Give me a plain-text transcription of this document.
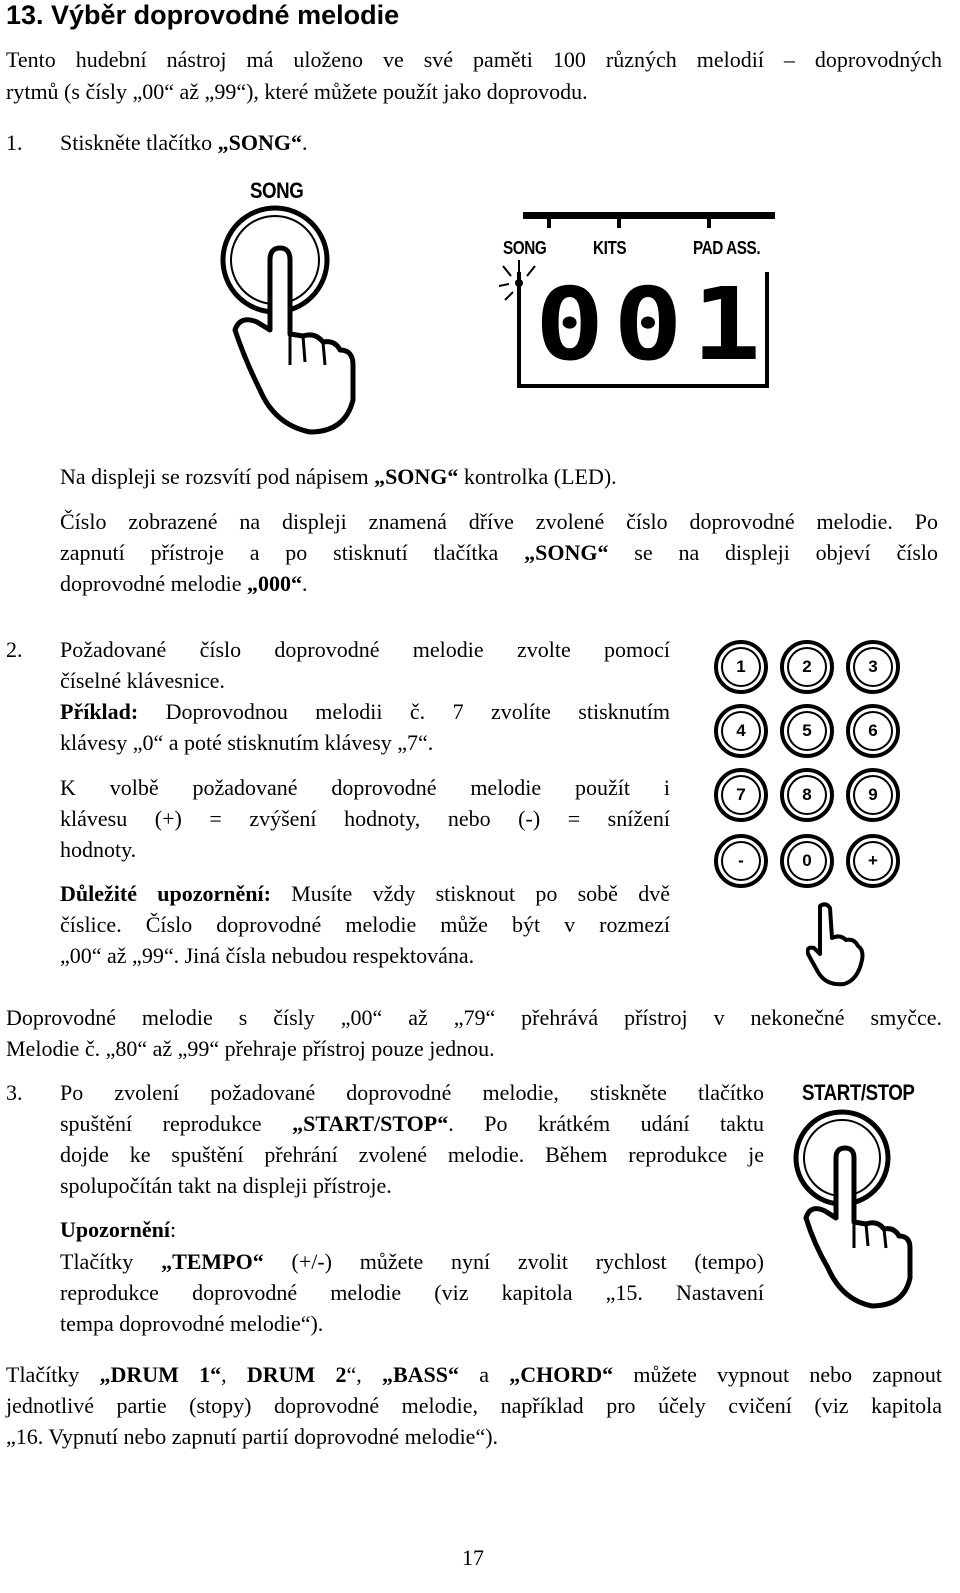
13. Výběr doprovodné melodie
Tento hudební nástroj má uloženo ve své paměti 100 různých melodií – doprovodných
rytmů (s čísly „00“ až „99“), které můžete použít jako doprovodu.
1. Stiskněte tlačítko „SONG“.
SONG
SONG	KITS	PAD ASS.
001
Na displeji se rozsvítí pod nápisem „SONG“ kontrolka (LED).
Číslo zobrazené na displeji znamená dříve zvolené číslo doprovodné melodie. Po
zapnutí přístroje a po stisknutí tlačítka „SONG“ se na displeji objeví číslo
doprovodné melodie „000“.
2. Požadované číslo doprovodné melodie zvolte pomocí
číselné klávesnice.
Příklad: Doprovodnou melodii č. 7 zvolíte stisknutím
klávesy „0“ a poté stisknutím klávesy „7“.
K volbě požadované doprovodné melodie použít i
klávesu (+) = zvýšení hodnoty, nebo (-) = snížení
hodnoty.
Důležité upozornění: Musíte vždy stisknout po sobě dvě
číslice. Číslo doprovodné melodie může být v rozmezí
„00“ až „99“. Jiná čísla nebudou respektována.
1	2	3
4	5	6
7	8	9
-	0	+
Doprovodné melodie s čísly „00“ až „79“ přehrává přístroj v nekonečné smyčce.
Melodie č. „80“ až „99“ přehraje přístroj pouze jednou.
3. Po zvolení požadované doprovodné melodie, stiskněte tlačítko
spuštění reprodukce „START/STOP“. Po krátkém udání taktu
dojde ke spuštění přehrání zvolené melodie. Během reprodukce je
spolupočítán takt na displeji přístroje.
START/STOP
Upozornění:
Tlačítky „TEMPO“ (+/-) můžete nyní zvolit rychlost (tempo)
reprodukce doprovodné melodie (viz kapitola „15. Nastavení
tempa doprovodné melodie“).
Tlačítky „DRUM 1“, DRUM 2“, „BASS“ a „CHORD“ můžete vypnout nebo zapnout
jednotlivé partie (stopy) doprovodné melodie, například pro účely cvičení (viz kapitola
„16. Vypnutí nebo zapnutí partií doprovodné melodie“).
17
